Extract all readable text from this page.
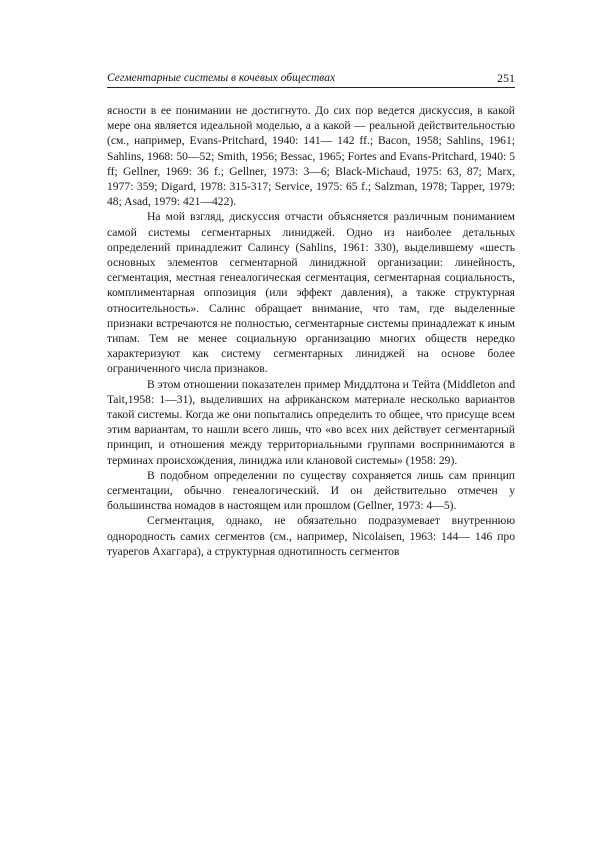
Сегментарные системы в кочевых обществах	251

ясности в ее понимании не достигнуто. До сих пор ведется дискуссия, в какой мере она является идеальной моделью, а а какой — реальной действительностью (см., например, Evans-Pritchard, 1940: 141— 142 ff.; Bacon, 1958; Sahlins, 1961; Sahlins, 1968: 50—52; Smith, 1956; Bessac, 1965; Fortes and Evans-Pritchard, 1940: 5 ff; Gellner, 1969: 36 f.; Gellner, 1973: 3—6; Black-Michaud, 1975: 63, 87; Marx, 1977: 359; Digard, 1978: 315-317; Service, 1975: 65 f.; Salzman, 1978; Tapper, 1979: 48; Asad, 1979: 421—422).

На мой взгляд, дискуссия отчасти объясняется различным пониманием самой системы сегментарных линиджей. Одно из наиболее детальных определений принадлежит Салинсу (Sahlins, 1961: 330), выделившему «шесть основных элементов сегментарной линиджной организации: линейность, сегментация, местная генеалогическая сегментация, сегментарная социальность, комплиментарная оппозиция (или эффект давления), а также структурная относительность». Салинс обращает внимание, что там, где выделенные признаки встречаются не полностью, сегментарные системы принадлежат к иным типам. Тем не менее социальную организацию многих обществ нередко характеризуют как систему сегментарных линиджей на основе более ограниченного числа признаков.

В этом отношении показателен пример Миддлтона и Тейта (Middleton and Tait,1958: 1—31), выделивших на африканском материале несколько вариантов такой системы. Когда же они попытались определить то общее, что присуще всем этим вариантам, то нашли всего лишь, что «во всех них действует сегментарный принцип, и отношения между территориальными группами воспринимаются в терминах происхождения, линиджа или клановой системы» (1958: 29).

В подобном определении по существу сохраняется лишь сам принцип сегментации, обычно генеалогический. И он действительно отмечен у большинства номадов в настоящем или прошлом (Gellner, 1973: 4—5).

Сегментация, однако, не обязательно подразумевает внутреннюю однородность самих сегментов (см., например, Nicolaisen, 1963: 144— 146 про туарегов Ахаггара), а структурная однотипность сегментов
